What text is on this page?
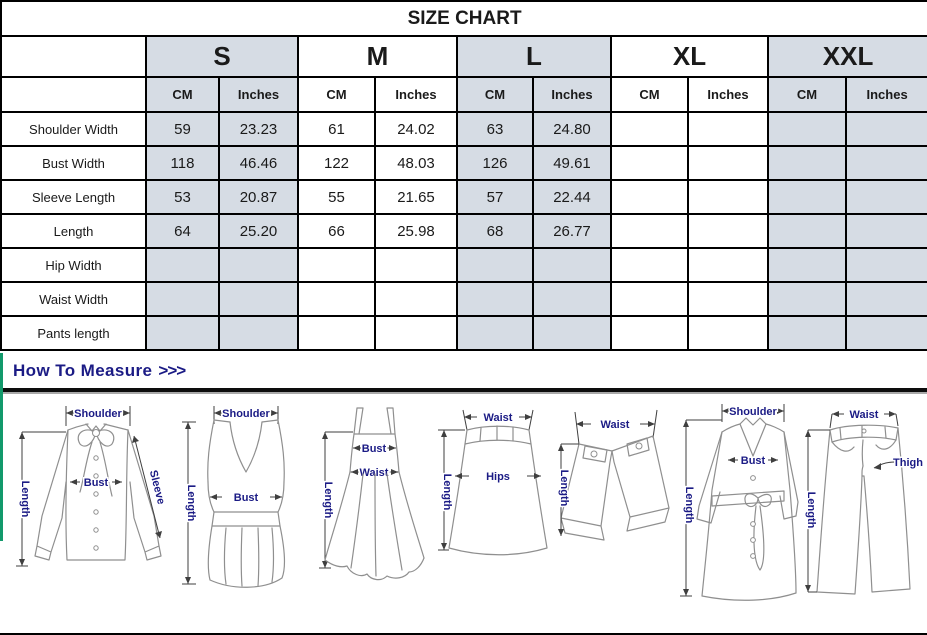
SIZE CHART										
	S		M		L		XL		XXL	
	CM	Inches	CM	Inches	CM	Inches	CM	Inches	CM	Inches
Shoulder Width	59	23.23	61	24.02	63	24.80				
Bust Width	118	46.46	122	48.03	126	49.61				
Sleeve Length	53	20.87	55	21.65	57	22.44				
Length	64	25.20	66	25.98	68	26.77				
Hip Width										
Waist Width										
Pants length										
How To Measure >>>
Shoulder
Length	Bust	Sleeve
Shoulder
Length	Bust	Length
Bust
Waist
Waist
Hips
Length
Waist
Length
Shoulder
Length
Bust
Waist
Thigh
Length
